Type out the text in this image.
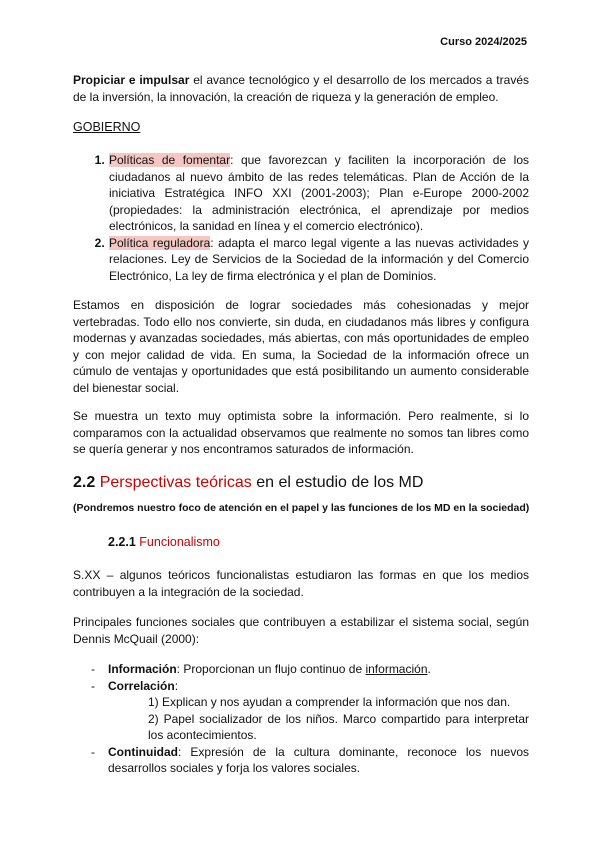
Curso 2024/2025

Propiciar e impulsar el avance tecnológico y el desarrollo de los mercados a través de la inversión, la innovación, la creación de riqueza y la generación de empleo.

GOBIERNO
1. Políticas de fomentar: que favorezcan y faciliten la incorporación de los ciudadanos al nuevo ámbito de las redes telemáticas. Plan de Acción de la iniciativa Estratégica INFO XXI (2001-2003); Plan e-Europe 2000-2002 (propiedades: la administración electrónica, el aprendizaje por medios electrónicos, la sanidad en línea y el comercio electrónico).
2. Política reguladora: adapta el marco legal vigente a las nuevas actividades y relaciones. Ley de Servicios de la Sociedad de la información y del Comercio Electrónico, La ley de firma electrónica y el plan de Dominios.

Estamos en disposición de lograr sociedades más cohesionadas y mejor vertebradas. Todo ello nos convierte, sin duda, en ciudadanos más libres y configura modernas y avanzadas sociedades, más abiertas, con más oportunidades de empleo y con mejor calidad de vida. En suma, la Sociedad de la información ofrece un cúmulo de ventajas y oportunidades que está posibilitando un aumento considerable del bienestar social.

Se muestra un texto muy optimista sobre la información. Pero realmente, si lo comparamos con la actualidad observamos que realmente no somos tan libres como se quería generar y nos encontramos saturados de información.

2.2 Perspectivas teóricas en el estudio de los MD
(Pondremos nuestro foco de atención en el papel y las funciones de los MD en la sociedad)
2.2.1 Funcionalismo

S.XX – algunos teóricos funcionalistas estudiaron las formas en que los medios contribuyen a la integración de la sociedad.

Principales funciones sociales que contribuyen a estabilizar el sistema social, según Dennis McQuail (2000):

- Información: Proporcionan un flujo continuo de información.
- Correlación:
1) Explican y nos ayudan a comprender la información que nos dan.
2) Papel socializador de los niños. Marco compartido para interpretar los acontecimientos.
- Continuidad: Expresión de la cultura dominante, reconoce los nuevos desarrollos sociales y forja los valores sociales.
